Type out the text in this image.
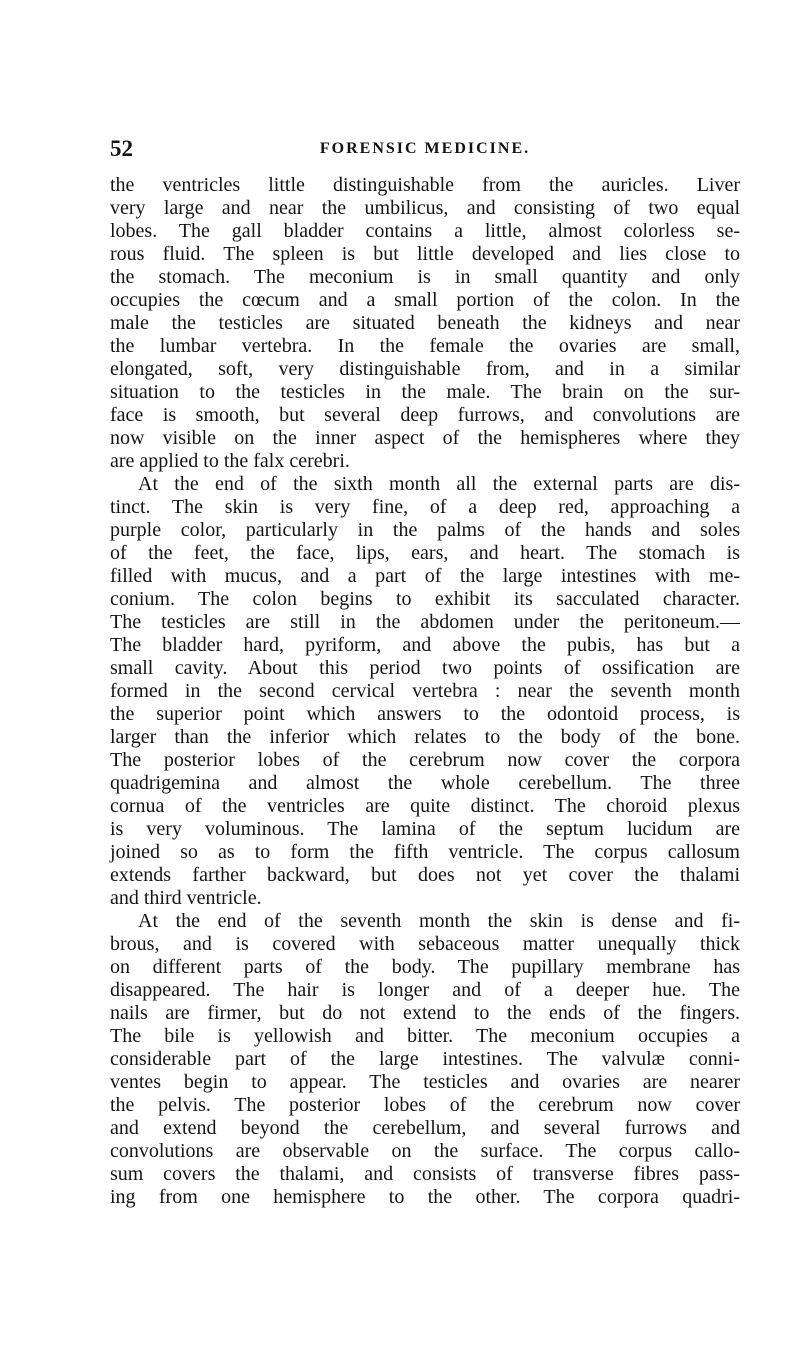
52	FORENSIC MEDICINE.
the ventricles little distinguishable from the auricles. Liver
very large and near the umbilicus, and consisting of two equal
lobes. The gall bladder contains a little, almost colorless se-
rous fluid. The spleen is but little developed and lies close to
the stomach. The meconium is in small quantity and only
occupies the cœcum and a small portion of the colon. In the
male the testicles are situated beneath the kidneys and near
the lumbar vertebra. In the female the ovaries are small,
elongated, soft, very distinguishable from, and in a similar
situation to the testicles in the male. The brain on the sur-
face is smooth, but several deep furrows, and convolutions are
now visible on the inner aspect of the hemispheres where they
are applied to the falx cerebri.
At the end of the sixth month all the external parts are dis-
tinct. The skin is very fine, of a deep red, approaching a
purple color, particularly in the palms of the hands and soles
of the feet, the face, lips, ears, and heart. The stomach is
filled with mucus, and a part of the large intestines with me-
conium. The colon begins to exhibit its sacculated character.
The testicles are still in the abdomen under the peritoneum.—
The bladder hard, pyriform, and above the pubis, has but a
small cavity. About this period two points of ossification are
formed in the second cervical vertebra : near the seventh month
the superior point which answers to the odontoid process, is
larger than the inferior which relates to the body of the bone.
The posterior lobes of the cerebrum now cover the corpora
quadrigemina and almost the whole cerebellum. The three
cornua of the ventricles are quite distinct. The choroid plexus
is very voluminous. The lamina of the septum lucidum are
joined so as to form the fifth ventricle. The corpus callosum
extends farther backward, but does not yet cover the thalami
and third ventricle.
At the end of the seventh month the skin is dense and fi-
brous, and is covered with sebaceous matter unequally thick
on different parts of the body. The pupillary membrane has
disappeared. The hair is longer and of a deeper hue. The
nails are firmer, but do not extend to the ends of the fingers.
The bile is yellowish and bitter. The meconium occupies a
considerable part of the large intestines. The valvulæ conni-
ventes begin to appear. The testicles and ovaries are nearer
the pelvis. The posterior lobes of the cerebrum now cover
and extend beyond the cerebellum, and several furrows and
convolutions are observable on the surface. The corpus callo-
sum covers the thalami, and consists of transverse fibres pass-
ing from one hemisphere to the other. The corpora quadri-
